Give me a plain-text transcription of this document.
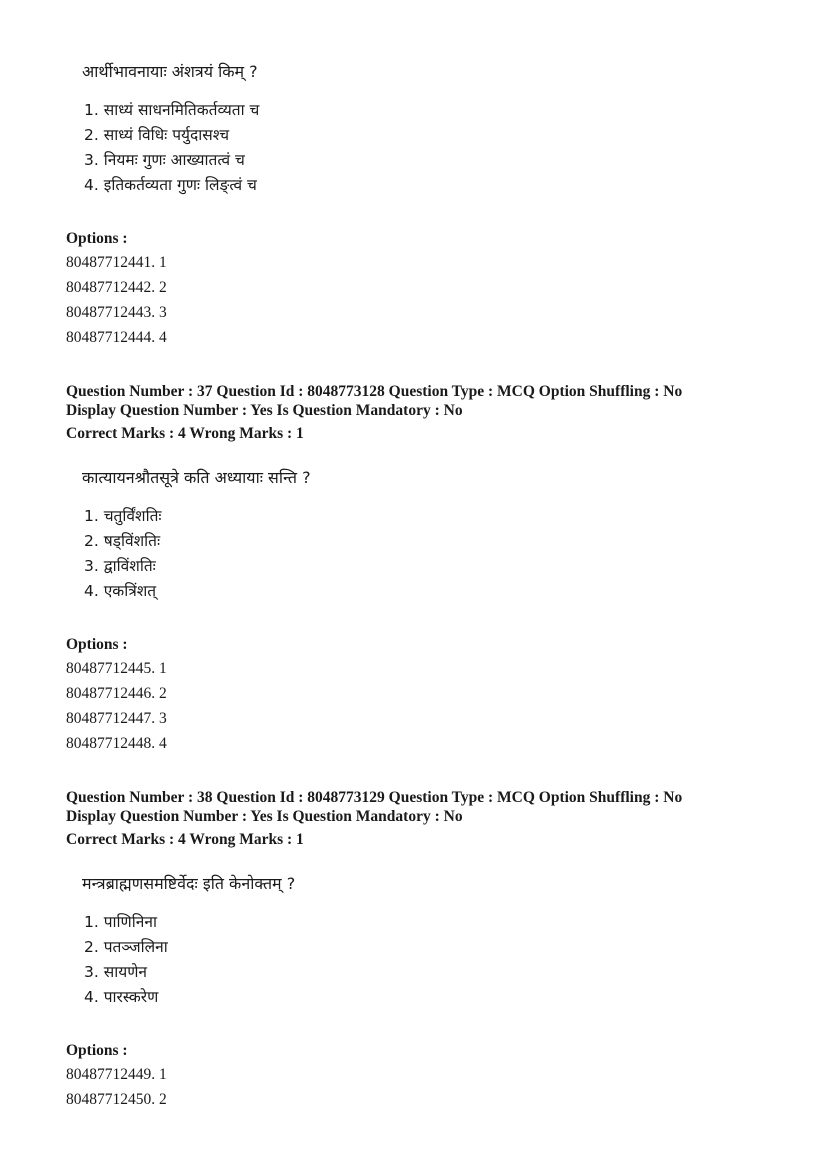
आर्थीभावनायाः अंशत्रयं किम् ?
1. साध्यं साधनमितिकर्तव्यता च
2. साध्यं विधिः पर्युदासश्च
3. नियमः गुणः आख्यातत्वं च
4. इतिकर्तव्यता गुणः लिङ्त्वं च
Options :
80487712441. 1
80487712442. 2
80487712443. 3
80487712444. 4
Question Number : 37 Question Id : 8048773128 Question Type : MCQ Option Shuffling : No
Display Question Number : Yes Is Question Mandatory : No
Correct Marks : 4 Wrong Marks : 1
कात्यायनश्रौतसूत्रे कति अध्यायाः सन्ति ?
1. चतुर्विंशतिः
2. षड्विंशतिः
3. द्वाविंशतिः
4. एकत्रिंशत्
Options :
80487712445. 1
80487712446. 2
80487712447. 3
80487712448. 4
Question Number : 38 Question Id : 8048773129 Question Type : MCQ Option Shuffling : No
Display Question Number : Yes Is Question Mandatory : No
Correct Marks : 4 Wrong Marks : 1
मन्त्रब्राह्मणसमष्टिर्वेदः इति केनोक्तम् ?
1. पाणिनिना
2. पतञ्जलिना
3. सायणेन
4. पारस्करेण
Options :
80487712449. 1
80487712450. 2
